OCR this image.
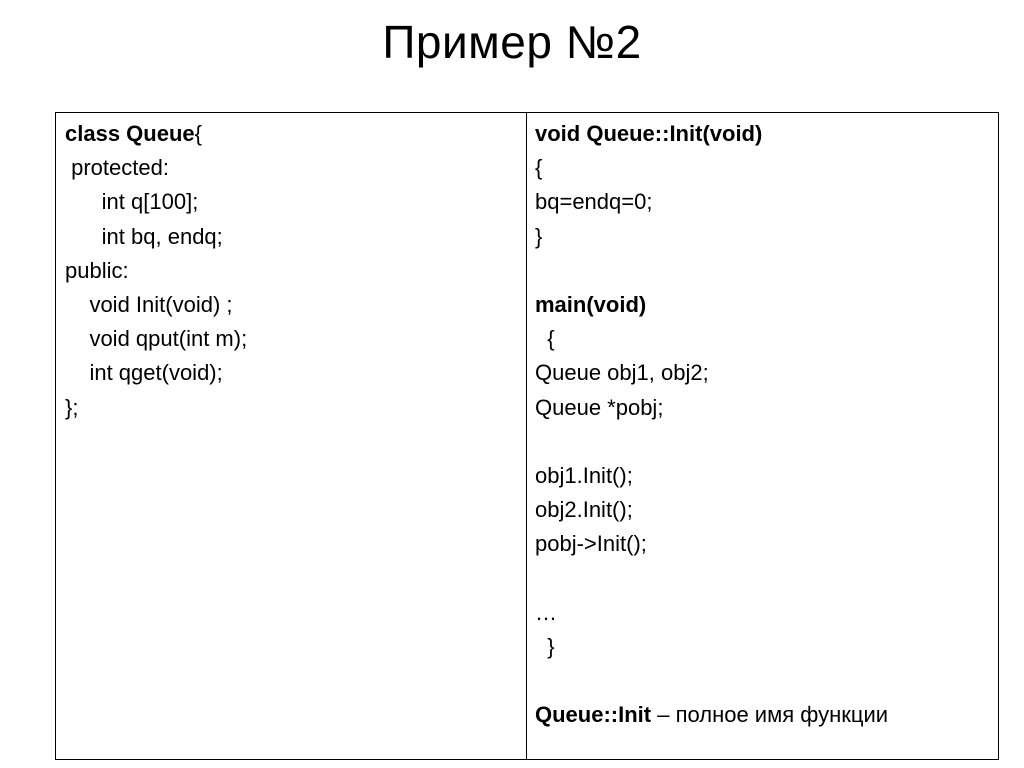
Пример №2
class Queue{
protected:
int q[100];
int bq, endq;
public:
void Init(void) ;
void qput(int m);
int qget(void);
};
void Queue::Init(void)
{
bq=endq=0;
}
main(void)
{
Queue obj1, obj2;
Queue *pobj;
obj1.Init();
obj2.Init();
pobj->Init();
…
}
Queue::Init – полное имя функции
